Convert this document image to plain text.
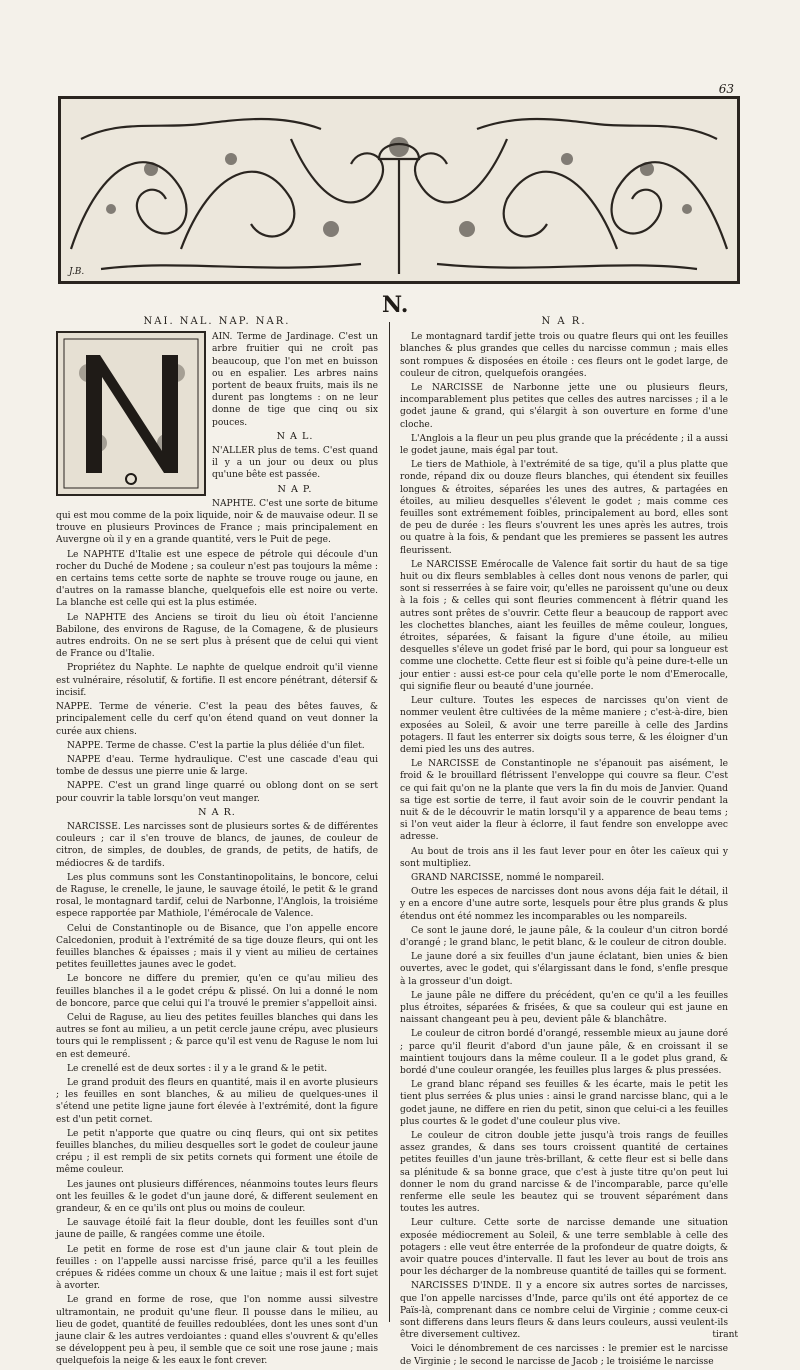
63
J.B.
N.
NAI. NAL. NAP. NAR.

AIN. Terme de Jardinage. C'est un arbre fruitier qui ne croît pas beaucoup, que l'on met en buisson ou en espalier. Les arbres nains portent de beaux fruits, mais ils ne durent pas longtems : on ne leur donne de tige que cinq ou six pouces.

N A L.

N'ALLER plus de tems. C'est quand il y a un jour ou deux ou plus qu'une bête est passée.

N A P.

NAPHTE. C'est une sorte de bitume qui est mou comme de la poix liquide, noir & de mauvaise odeur. Il se trouve en plusieurs Provinces de France ; mais principalement en Auvergne où il y en a grande quantité, vers le Puit de pege.

Le NAPHTE d'Italie est une espece de pétrole qui découle d'un rocher du Duché de Modene ; sa couleur n'est pas toujours la même : en certains tems cette sorte de naphte se trouve rouge ou jaune, en d'autres on la ramasse blanche, quelquefois elle est noire ou verte. La blanche est celle qui est la plus estimée.

Le NAPHTE des Anciens se tiroit du lieu où étoit l'ancienne Babilone, des environs de Raguse, de la Comagene, & de plusieurs autres endroits. On ne se sert plus à présent que de celui qui vient de France ou d'Italie.

Propriétez du Naphte. Le naphte de quelque endroit qu'il vienne est vulnéraire, résolutif, & fortifie. Il est encore pénétrant, détersif & incisif.

NAPPE. Terme de vénerie. C'est la peau des bêtes fauves, & principalement celle du cerf qu'on étend quand on veut donner la curée aux chiens.

NAPPE. Terme de chasse. C'est la partie la plus déliée d'un filet.

NAPPE d'eau. Terme hydraulique. C'est une cascade d'eau qui tombe de dessus une pierre unie & large.

NAPPE. C'est un grand linge quarré ou oblong dont on se sert pour couvrir la table lorsqu'on veut manger.

N A R.

NARCISSE. Les narcisses sont de plusieurs sortes & de différentes couleurs ; car il s'en trouve de blancs, de jaunes, de couleur de citron, de simples, de doubles, de grands, de petits, de hatifs, de médiocres & de tardifs.

Les plus communs sont les Constantinopolitains, le boncore, celui de Raguse, le crenelle, le jaune, le sauvage étoilé, le petit & le grand rosal, le montagnard tardif, celui de Narbonne, l'Anglois, la troisiéme espece rapportée par Mathiole, l'émérocale de Valence.

Celui de Constantinople ou de Bisance, que l'on appelle encore Calcedonien, produit à l'extrémité de sa tige douze fleurs, qui ont les feuilles blanches & épaisses ; mais il y vient au milieu de certaines petites feuillettes jaunes avec le godet.

Le boncore ne differe du premier, qu'en ce qu'au milieu des feuilles blanches il a le godet crépu & plissé. On lui a donné le nom de boncore, parce que celui qui l'a trouvé le premier s'appelloit ainsi.

Celui de Raguse, au lieu des petites feuilles blanches qui dans les autres se font au milieu, a un petit cercle jaune crépu, avec plusieurs tours qui le remplissent ; & parce qu'il est venu de Raguse le nom lui en est demeuré.

Le crenellé est de deux sortes : il y a le grand & le petit.

Le grand produit des fleurs en quantité, mais il en avorte plusieurs ; les feuilles en sont blanches, & au milieu de quelques-unes il s'étend une petite ligne jaune fort élevée à l'extrémité, dont la figure est d'un petit cornet.

Le petit n'apporte que quatre ou cinq fleurs, qui ont six petites feuilles blanches, du milieu desquelles sort le godet de couleur jaune crépu ; il est rempli de six petits cornets qui forment une étoile de même couleur.

Les jaunes ont plusieurs différences, néanmoins toutes leurs fleurs ont les feuilles & le godet d'un jaune doré, & different seulement en grandeur, & en ce qu'ils ont plus ou moins de couleur.

Le sauvage étoilé fait la fleur double, dont les feuilles sont d'un jaune de paille, & rangées comme une étoile.

Le petit en forme de rose est d'un jaune clair & tout plein de feuilles : on l'appelle aussi narcisse frisé, parce qu'il a les feuilles crépues & ridées comme un choux & une laitue ; mais il est fort sujet à avorter.

Le grand en forme de rose, que l'on nomme aussi silvestre ultramontain, ne produit qu'une fleur. Il pousse dans le milieu, au lieu de godet, quantité de feuilles redoublées, dont les unes sont d'un jaune clair & les autres verdoiantes : quand elles s'ouvrent & qu'elles se développent peu à peu, il semble que ce soit une rose jaune ; mais quelquefois la neige & les eaux le font crever.

N A R.

Le montagnard tardif jette trois ou quatre fleurs qui ont les feuilles blanches & plus grandes que celles du narcisse commun ; mais elles sont rompues & disposées en étoile : ces fleurs ont le godet large, de couleur de citron, quelquefois orangées.

Le NARCISSE de Narbonne jette une ou plusieurs fleurs, incomparablement plus petites que celles des autres narcisses ; il a le godet jaune & grand, qui s'élargit à son ouverture en forme d'une cloche.

L'Anglois a la fleur un peu plus grande que la précédente ; il a aussi le godet jaune, mais égal par tout.

Le tiers de Mathiole, à l'extrémité de sa tige, qu'il a plus platte que ronde, répand dix ou douze fleurs blanches, qui étendent six feuilles longues & étroites, séparées les unes des autres, & partagées en étoiles, au milieu desquelles s'élevent le godet ; mais comme ces feuilles sont extrémement foibles, principalement au bord, elles sont de peu de durée : les fleurs s'ouvrent les unes après les autres, trois ou quatre à la fois, & pendant que les premieres se passent les autres fleurissent.

Le NARCISSE Emérocalle de Valence fait sortir du haut de sa tige huit ou dix fleurs semblables à celles dont nous venons de parler, qui sont si resserrées à se faire voir, qu'elles ne paroissent qu'une ou deux à la fois ; & celles qui sont fleuries commencent à flétrir quand les autres sont prêtes de s'ouvrir. Cette fleur a beaucoup de rapport avec les clochettes blanches, aiant les feuilles de même couleur, longues, étroites, séparées, & faisant la figure d'une étoile, au milieu desquelles s'éleve un godet frisé par le bord, qui pour sa longueur est comme une clochette. Cette fleur est si foible qu'à peine dure-t-elle un jour entier : aussi est-ce pour cela qu'elle porte le nom d'Emerocalle, qui signifie fleur ou beauté d'une journée.

Leur culture. Toutes les especes de narcisses qu'on vient de nommer veulent être cultivées de la même maniere ; c'est-à-dire, bien exposées au Soleil, & avoir une terre pareille à celle des Jardins potagers. Il faut les enterrer six doigts sous terre, & les éloigner d'un demi pied les uns des autres.

Le NARCISSE de Constantinople ne s'épanouit pas aisément, le froid & le brouillard flétrissent l'enveloppe qui couvre sa fleur. C'est ce qui fait qu'on ne la plante que vers la fin du mois de Janvier. Quand sa tige est sortie de terre, il faut avoir soin de le couvrir pendant la nuit & de le découvrir le matin lorsqu'il y a apparence de beau tems ; si l'on veut aider la fleur à éclorre, il faut fendre son enveloppe avec adresse.

Au bout de trois ans il les faut lever pour en ôter les caïeux qui y sont multipliez.

GRAND NARCISSE, nommé le nompareil.

Outre les especes de narcisses dont nous avons déja fait le détail, il y en a encore d'une autre sorte, lesquels pour être plus grands & plus étendus ont été nommez les incomparables ou les nompareils.

Ce sont le jaune doré, le jaune pâle, & la couleur d'un citron bordé d'orangé ; le grand blanc, le petit blanc, & le couleur de citron double.

Le jaune doré a six feuilles d'un jaune éclatant, bien unies & bien ouvertes, avec le godet, qui s'élargissant dans le fond, s'enfle presque à la grosseur d'un doigt.

Le jaune pâle ne differe du précédent, qu'en ce qu'il a les feuilles plus étroites, séparées & frisées, & que sa couleur qui est jaune en naissant changeant peu à peu, devient pâle & blanchâtre.

Le couleur de citron bordé d'orangé, ressemble mieux au jaune doré ; parce qu'il fleurit d'abord d'un jaune pâle, & en croissant il se maintient toujours dans la même couleur. Il a le godet plus grand, & bordé d'une couleur orangée, les feuilles plus larges & plus pressées.

Le grand blanc répand ses feuilles & les écarte, mais le petit les tient plus serrées & plus unies : ainsi le grand narcisse blanc, qui a le godet jaune, ne differe en rien du petit, sinon que celui-ci a les feuilles plus courtes & le godet d'une couleur plus vive.

Le couleur de citron double jette jusqu'à trois rangs de feuilles assez grandes, & dans ses tours croissent quantité de certaines petites feuilles d'un jaune très-brillant, & cette fleur est si belle dans sa plénitude & sa bonne grace, que c'est à juste titre qu'on peut lui donner le nom du grand narcisse & de l'incomparable, parce qu'elle renferme elle seule les beautez qui se trouvent séparément dans toutes les autres.

Leur culture. Cette sorte de narcisse demande une situation exposée médiocrement au Soleil, & une terre semblable à celle des potagers : elle veut être enterrée de la profondeur de quatre doigts, & avoir quatre pouces d'intervalle. Il faut les lever au bout de trois ans pour les décharger de la nombreuse quantité de tailles qui se forment.

NARCISSES D'INDE. Il y a encore six autres sortes de narcisses, que l'on appelle narcisses d'Inde, parce qu'ils ont été apportez de ce Païs-là, comprenant dans ce nombre celui de Virginie ; comme ceux-ci sont differens dans leurs fleurs & dans leurs couleurs, aussi veulent-ils être diversement cultivez.

Voici le dénombrement de ces narcisses : le premier est le narcisse de Virginie ; le second le narcisse de Jacob ; le troisiéme le narcisse

tirant
